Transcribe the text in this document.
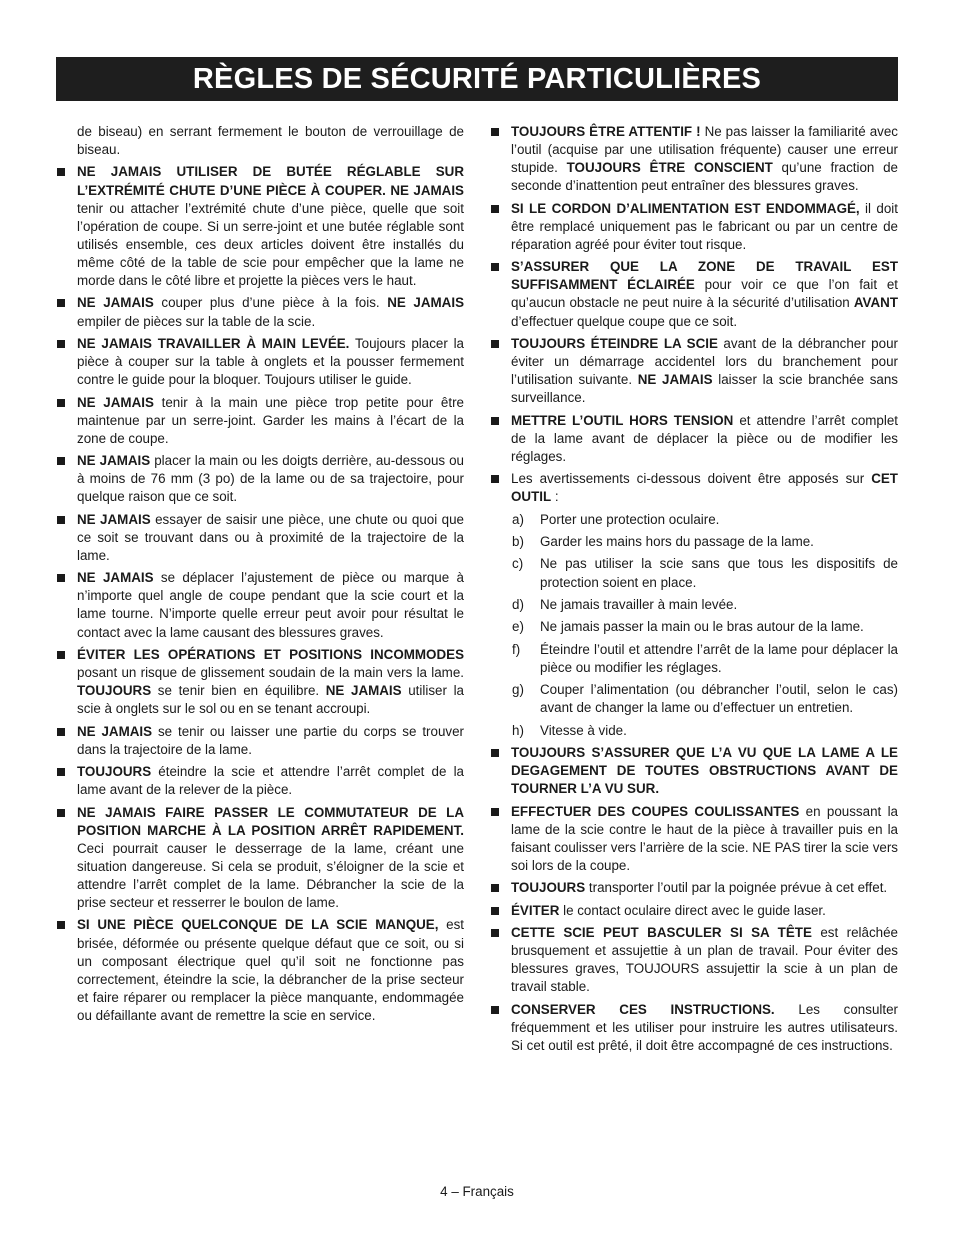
RÈGLES DE SÉCURITÉ PARTICULIÈRES
de biseau) en serrant fermement le bouton de verrouillage de biseau.
NE JAMAIS UTILISER DE BUTÉE RÉGLABLE SUR L’EXTRÉMITÉ CHUTE D’UNE PIÈCE À COUPER. NE JAMAIS tenir ou attacher l’extrémité chute d’une pièce, quelle que soit l’opération de coupe. Si un serre-joint et une butée réglable sont utilisés ensemble, ces deux articles doivent être installés du même côté de la table de scie pour empêcher que la lame ne morde dans le côté libre et projette la pièces vers le haut.
NE JAMAIS couper plus d’une pièce à la fois. NE JAMAIS empiler de pièces sur la table de la scie.
NE JAMAIS TRAVAILLER À MAIN LEVÉE. Toujours placer la pièce à couper sur la table à onglets et la pousser fermement contre le guide pour la bloquer. Toujours utiliser le guide.
NE JAMAIS tenir à la main une pièce trop petite pour être maintenue par un serre-joint. Garder les mains à l’écart de la zone de coupe.
NE JAMAIS placer la main ou les doigts derrière, au-dessous ou à moins de 76 mm (3 po) de la lame ou de sa trajectoire, pour quelque raison que ce soit.
NE JAMAIS essayer de saisir une pièce, une chute ou quoi que ce soit se trouvant dans ou à proximité de la trajectoire de la lame.
NE JAMAIS se déplacer l’ajustement de pièce ou marque à n’importe quel angle de coupe pendant que la scie court et la lame tourne. N’importe quelle erreur peut avoir pour résultat le contact avec la lame causant des blessures graves.
ÉVITER LES OPÉRATIONS ET POSITIONS INCOMMODES posant un risque de glissement soudain de la main vers la lame. TOUJOURS se tenir bien en équilibre. NE JAMAIS utiliser la scie à onglets sur le sol ou en se tenant accroupi.
NE JAMAIS se tenir ou laisser une partie du corps se trouver dans la trajectoire de la lame.
TOUJOURS éteindre la scie et attendre l’arrêt complet de la lame avant de la relever de la pièce.
NE JAMAIS FAIRE PASSER LE COMMUTATEUR DE LA POSITION MARCHE À LA POSITION ARRÊT RAPIDEMENT. Ceci pourrait causer le desserrage de la lame, créant une situation dangereuse. Si cela se produit, s’éloigner de la scie et attendre l’arrêt complet de la lame. Débrancher la scie de la prise secteur et resserrer le boulon de lame.
SI UNE PIÈCE QUELCONQUE DE LA SCIE MANQUE, est brisée, déformée ou présente quelque défaut que ce soit, ou si un composant électrique quel qu’il soit ne fonctionne pas correctement, éteindre la scie, la débrancher de la prise secteur et faire réparer ou remplacer la pièce manquante, endommagée ou défaillante avant de remettre la scie en service.
TOUJOURS ÊTRE ATTENTIF ! Ne pas laisser la familiarité avec l’outil (acquise par une utilisation fréquente) causer une erreur stupide. TOUJOURS ÊTRE CONSCIENT qu’une fraction de seconde d’inattention peut entraîner des blessures graves.
SI LE CORDON D’ALIMENTATION EST ENDOMMAGÉ, il doit être remplacé uniquement pas le fabricant ou par un centre de réparation agréé pour éviter tout risque.
S’ASSURER QUE LA ZONE DE TRAVAIL EST SUFFISAMMENT ÉCLAIRÉE pour voir ce que l’on fait et qu’aucun obstacle ne peut nuire à la sécurité d’utilisation AVANT d’effectuer quelque coupe que ce soit.
TOUJOURS ÉTEINDRE LA SCIE avant de la débrancher pour éviter un démarrage accidentel lors du branchement pour l’utilisation suivante. NE JAMAIS laisser la scie branchée sans surveillance.
METTRE L’OUTIL HORS TENSION et attendre l’arrêt complet de la lame avant de déplacer la pièce ou de modifier les réglages.
Les avertissements ci-dessous doivent être apposés sur CET OUTIL :
a) Porter une protection oculaire.
b) Garder les mains hors du passage de la lame.
c) Ne pas utiliser la scie sans que tous les dispositifs de protection soient en place.
d) Ne jamais travailler à main levée.
e) Ne jamais passer la main ou le bras autour de la lame.
f) Éteindre l’outil et attendre l’arrêt de la lame pour déplacer la pièce ou modifier les réglages.
g) Couper l’alimentation (ou débrancher l’outil, selon le cas) avant de changer la lame ou d’effectuer un entretien.
h) Vitesse à vide.
TOUJOURS S’ASSURER QUE L’A VU QUE LA LAME A LE DEGAGEMENT DE TOUTES OBSTRUCTIONS AVANT DE TOURNER L’A VU SUR.
EFFECTUER DES COUPES COULISSANTES en poussant la lame de la scie contre le haut de la pièce à travailler puis en la faisant coulisser vers l’arrière de la scie. NE PAS tirer la scie vers soi lors de la coupe.
TOUJOURS transporter l’outil par la poignée prévue à cet effet.
ÉVITER le contact oculaire direct avec le guide laser.
CETTE SCIE PEUT BASCULER SI SA TÊTE est relâchée brusquement et assujettie à un plan de travail. Pour éviter des blessures graves, TOUJOURS assujettir la scie à un plan de travail stable.
CONSERVER CES INSTRUCTIONS. Les consulter fréquemment et les utiliser pour instruire les autres utilisateurs. Si cet outil est prêté, il doit être accompagné de ces instructions.
4 – Français
